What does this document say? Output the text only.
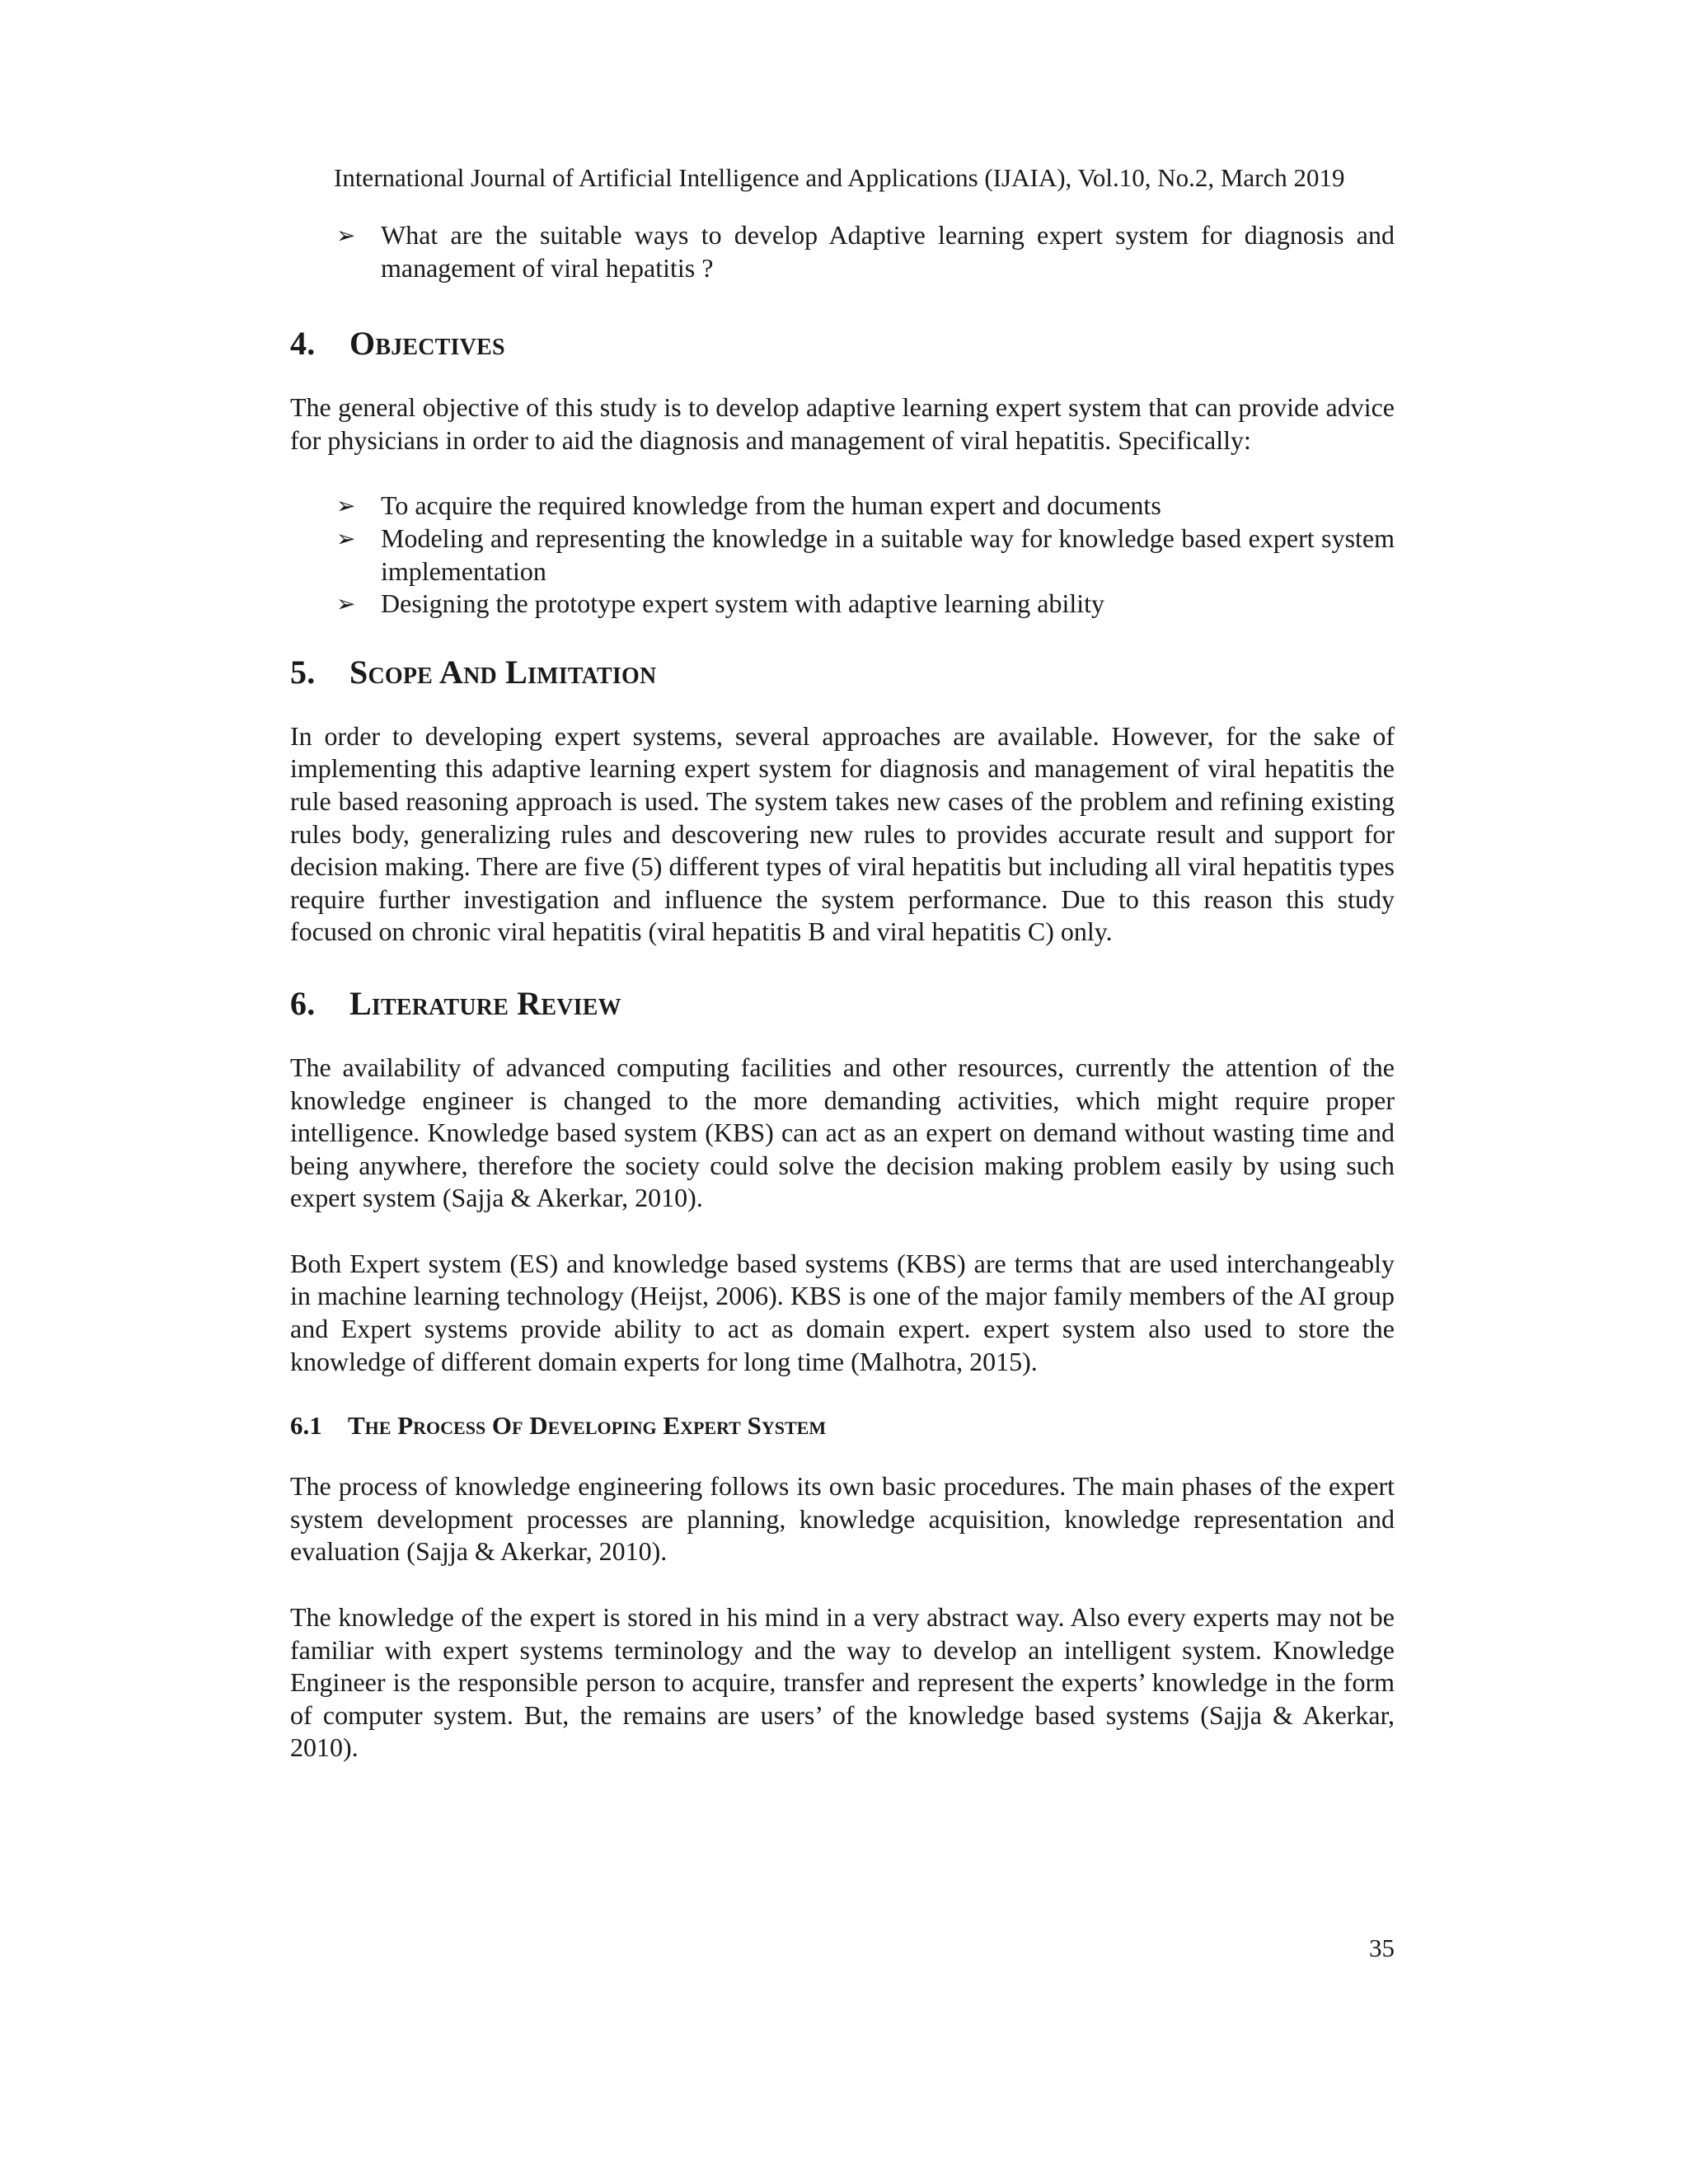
International Journal of Artificial Intelligence and Applications (IJAIA), Vol.10, No.2, March 2019
➢ What are the suitable ways to develop Adaptive learning expert system for diagnosis and management of viral hepatitis ?
4. Objectives

The general objective of this study is to develop adaptive learning expert system that can provide advice for physicians in order to aid the diagnosis and management of viral hepatitis. Specifically:

➢ To acquire the required knowledge from the human expert and documents
➢ Modeling and representing the knowledge in a suitable way for knowledge based expert system implementation
➢ Designing the prototype expert system with adaptive learning ability
5. Scope And Limitation

In order to developing expert systems, several approaches are available. However, for the sake of implementing this adaptive learning expert system for diagnosis and management of viral hepatitis the rule based reasoning approach is used. The system takes new cases of the problem and refining existing rules body, generalizing rules and descovering new rules to provides accurate result and support for decision making. There are five (5) different types of viral hepatitis but including all viral hepatitis types require further investigation and influence the system performance. Due to this reason this study focused on chronic viral hepatitis (viral hepatitis B and viral hepatitis C) only.

6. Literature Review

The availability of advanced computing facilities and other resources, currently the attention of the knowledge engineer is changed to the more demanding activities, which might require proper intelligence. Knowledge based system (KBS) can act as an expert on demand without wasting time and being anywhere, therefore the society could solve the decision making problem easily by using such expert system (Sajja & Akerkar, 2010).

Both Expert system (ES) and knowledge based systems (KBS) are terms that are used interchangeably in machine learning technology (Heijst, 2006). KBS is one of the major family members of the AI group and Expert systems provide ability to act as domain expert. expert system also used to store the knowledge of different domain experts for long time (Malhotra, 2015).

6.1 The Process Of Developing Expert System

The process of knowledge engineering follows its own basic procedures. The main phases of the expert system development processes are planning, knowledge acquisition, knowledge representation and evaluation (Sajja & Akerkar, 2010).

The knowledge of the expert is stored in his mind in a very abstract way. Also every experts may not be familiar with expert systems terminology and the way to develop an intelligent system. Knowledge Engineer is the responsible person to acquire, transfer and represent the experts’ knowledge in the form of computer system. But, the remains are users’ of the knowledge based systems (Sajja & Akerkar, 2010).

35
